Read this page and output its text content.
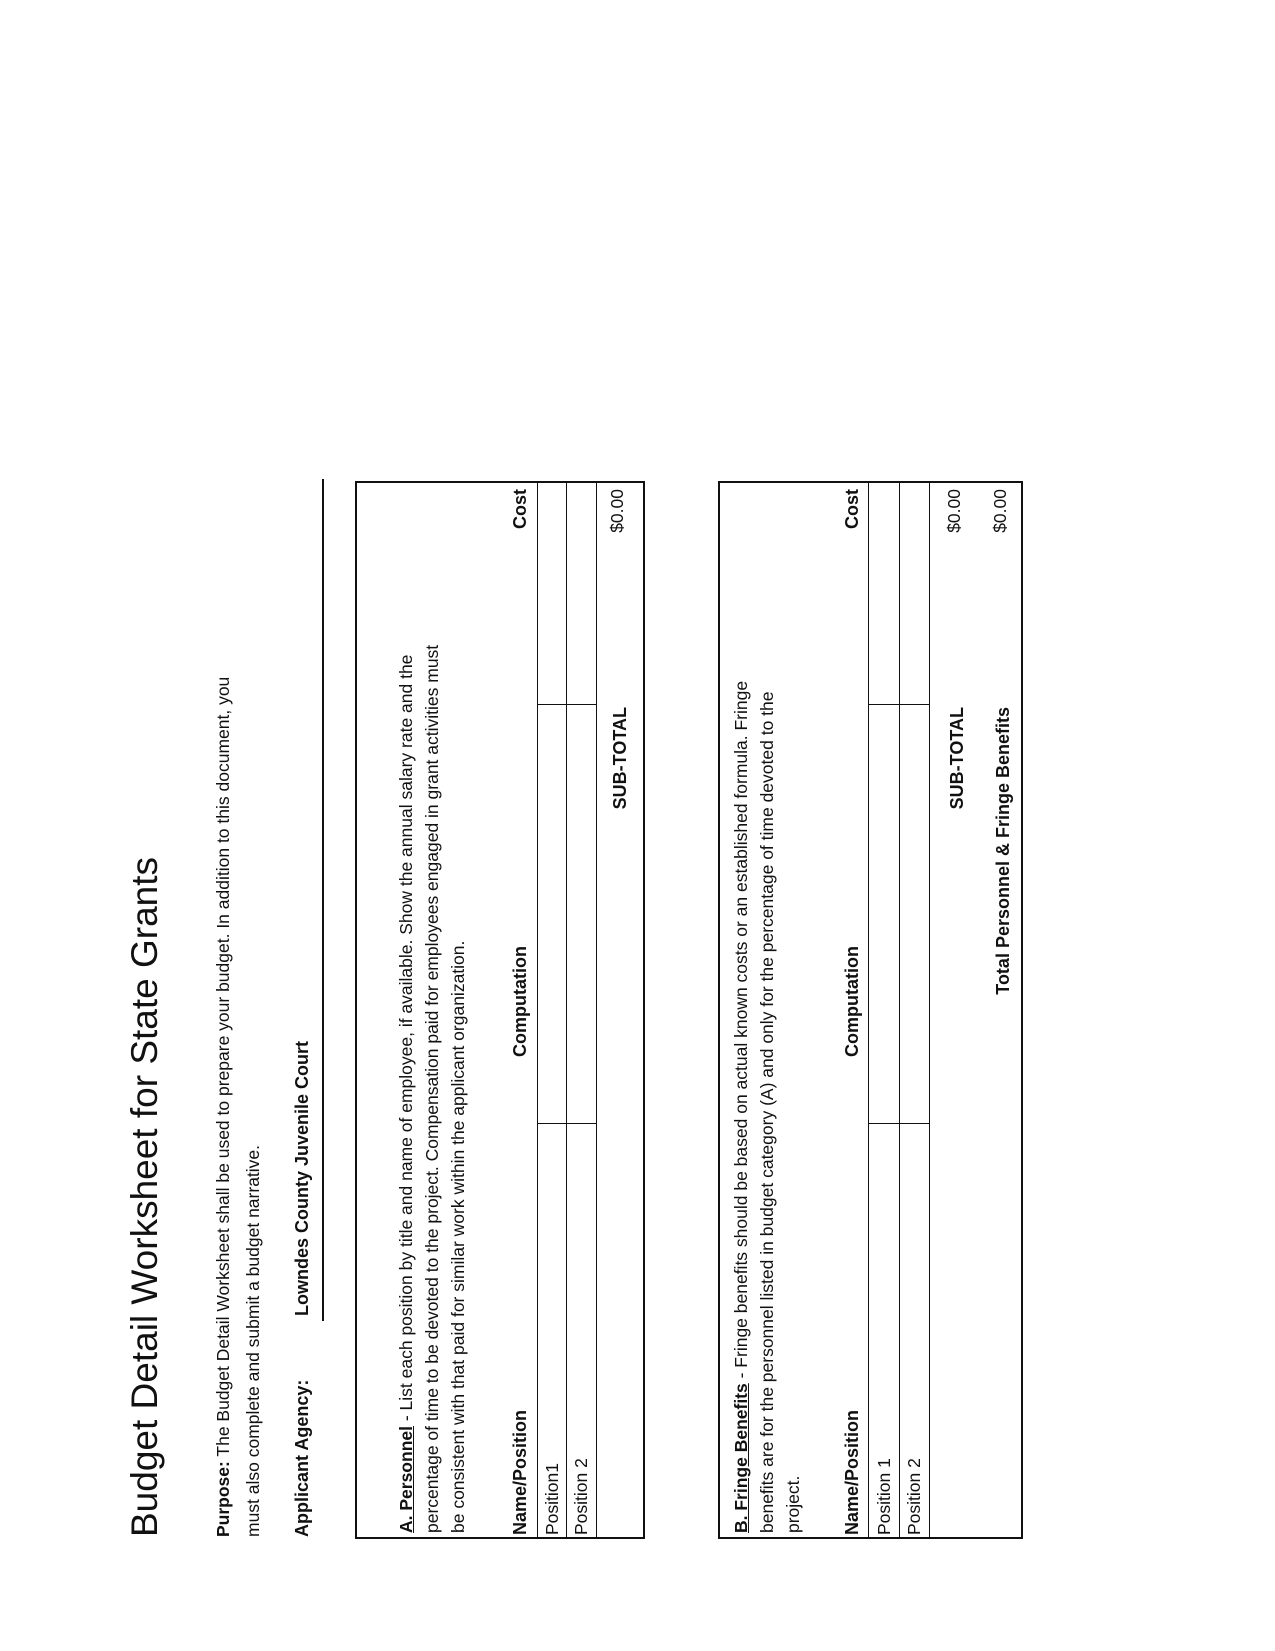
Budget Detail Worksheet for State Grants	Purpose: The Budget Detail Worksheet shall be used to prepare your budget. In addition to this document, you must also complete and submit a budget narrative. Applicant Agency:
Lowndes County Juvenile Court
A. Personnel - List each position by title and name of employee, if available. Show the annual salary rate and the percentage of time to be devoted to the project. Compensation paid for employees engaged in grant activities must be consistent with that paid for similar work within the applicant organization. Name/Position
Computation
Cost
Position1 Position 2
SUB-TOTAL
$0.00
B. Fringe Benefits - Fringe benefits should be based on actual known costs or an established formula. Fringe benefits are for the personnel listed in budget category (A) and only for the percentage of time devoted to the project. Name/Position
Computation
Cost
Position 1 Position 2
SUB-TOTAL
$0.00
Total Personnel & Fringe Benefits
$0.00
